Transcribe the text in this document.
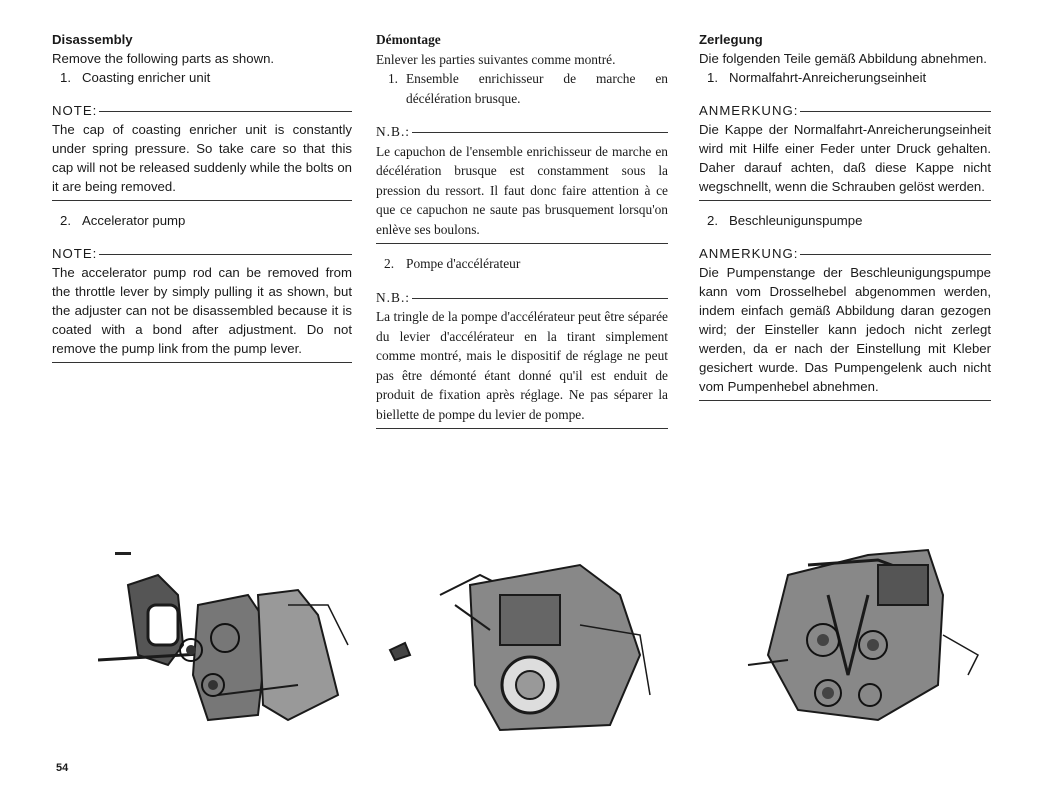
Disassembly
Remove the following parts as shown.
1. Coasting enricher unit
NOTE:
The cap of coasting enricher unit is constantly under spring pressure. So take care so that this cap will not be released suddenly while the bolts on it are being removed.
2. Accelerator pump
NOTE:
The accelerator pump rod can be removed from the throttle lever by simply pulling it as shown, but the adjuster can not be disassembled because it is coated with a bond after adjustment. Do not remove the pump link from the pump lever.
Démontage
Enlever les parties suivantes comme montré.
1. Ensemble enrichisseur de marche en décélération brusque.
N.B.:
Le capuchon de l'ensemble enrichisseur de marche en décélération brusque est constamment sous la pression du ressort. Il faut donc faire attention à ce que ce capuchon ne saute pas brusquement lorsqu'on enlève ses boulons.
2. Pompe d'accélérateur
N.B.:
La tringle de la pompe d'accélérateur peut être séparée du levier d'accélérateur en la tirant simplement comme montré, mais le dispositif de réglage ne peut pas être démonté étant donné qu'il est enduit de produit de fixation après réglage. Ne pas séparer la biellette de pompe du levier de pompe.
Zerlegung
Die folgenden Teile gemäß Abbildung abnehmen.
1. Normalfahrt-Anreicherungseinheit
ANMERKUNG:
Die Kappe der Normalfahrt-Anreicherungseinheit wird mit Hilfe einer Feder unter Druck gehalten. Daher darauf achten, daß diese Kappe nicht wegschnellt, wenn die Schrauben gelöst werden.
2. Beschleunigunspumpe
ANMERKUNG:
Die Pumpenstange der Beschleunigungspumpe kann vom Drosselhebel abgenommen werden, indem einfach gemäß Abbildung daran gezogen wird; der Einsteller kann jedoch nicht zerlegt werden, da er nach der Einstellung mit Kleber gesichert wurde. Das Pumpengelenk auch nicht vom Pumpenhebel abnehmen.
54
